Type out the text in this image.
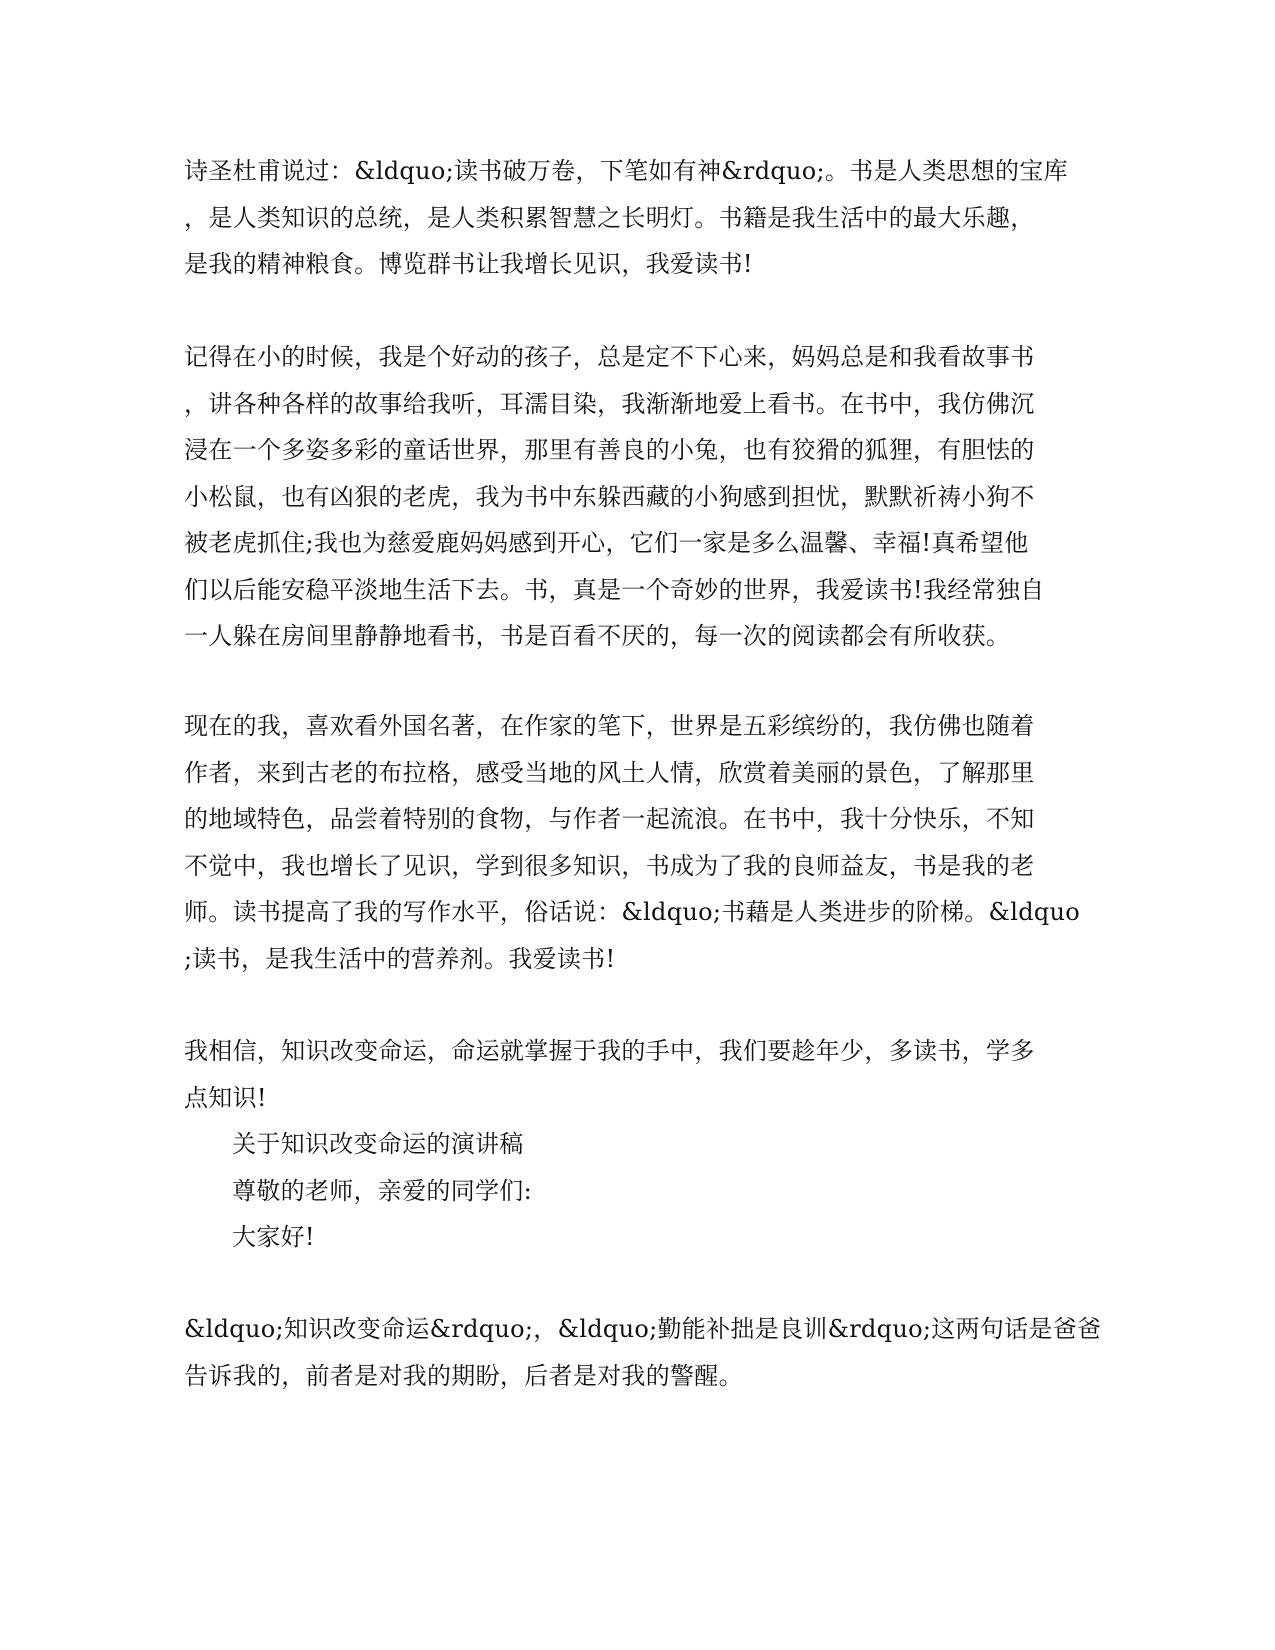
诗圣杜甫说过：&ldquo;读书破万卷，下笔如有神&rdquo;。书是人类思想的宝库
，是人类知识的总统，是人类积累智慧之长明灯。书籍是我生活中的最大乐趣，
是我的精神粮食。博览群书让我增长见识，我爱读书!
记得在小的时候，我是个好动的孩子，总是定不下心来，妈妈总是和我看故事书
，讲各种各样的故事给我听，耳濡目染，我渐渐地爱上看书。在书中，我仿佛沉
浸在一个多姿多彩的童话世界，那里有善良的小兔，也有狡猾的狐狸，有胆怯的
小松鼠，也有凶狠的老虎，我为书中东躲西藏的小狗感到担忧，默默祈祷小狗不
被老虎抓住;我也为慈爱鹿妈妈感到开心，它们一家是多么温馨、幸福!真希望他
们以后能安稳平淡地生活下去。书，真是一个奇妙的世界，我爱读书!我经常独自
一人躲在房间里静静地看书，书是百看不厌的，每一次的阅读都会有所收获。
现在的我，喜欢看外国名著，在作家的笔下，世界是五彩缤纷的，我仿佛也随着
作者，来到古老的布拉格，感受当地的风土人情，欣赏着美丽的景色，了解那里
的地域特色，品尝着特别的食物，与作者一起流浪。在书中，我十分快乐，不知
不觉中，我也增长了见识，学到很多知识，书成为了我的良师益友，书是我的老
师。读书提高了我的写作水平，俗话说：&ldquo;书藉是人类进步的阶梯。&ldquo
;读书，是我生活中的营养剂。我爱读书!
我相信，知识改变命运，命运就掌握于我的手中，我们要趁年少，多读书，学多
点知识!
关于知识改变命运的演讲稿
尊敬的老师，亲爱的同学们:
大家好!
&ldquo;知识改变命运&rdquo;，&ldquo;勤能补拙是良训&rdquo;这两句话是爸爸
告诉我的，前者是对我的期盼，后者是对我的警醒。
